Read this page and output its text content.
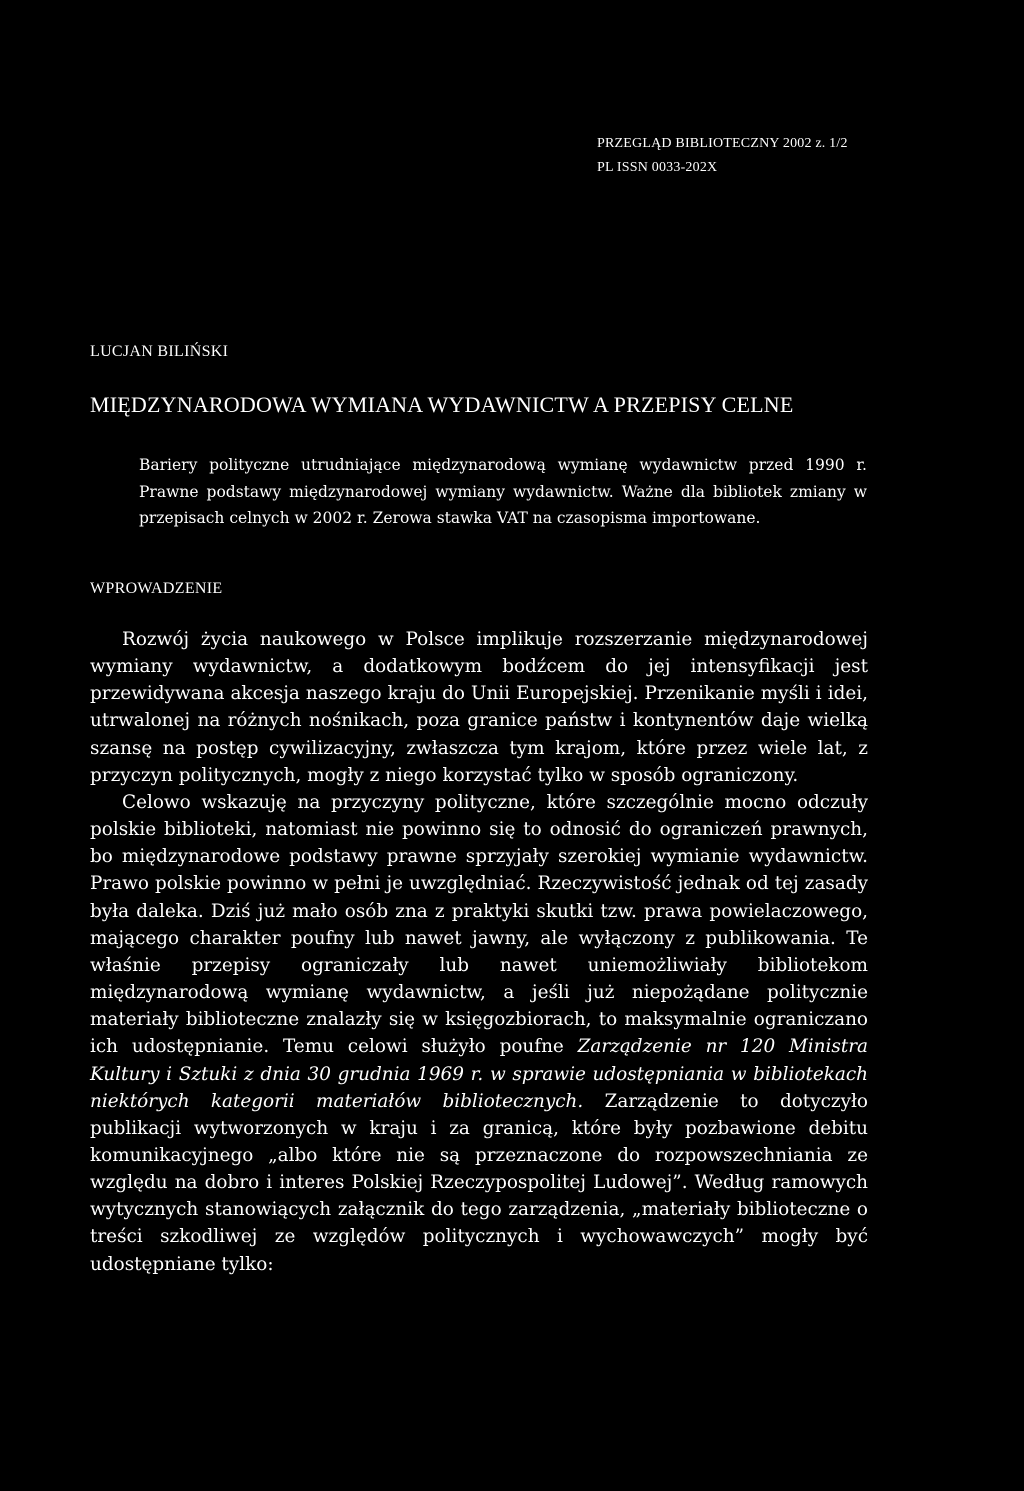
PRZEGLĄD BIBLIOTECZNY 2002 z. 1/2
PL ISSN 0033-202X
LUCJAN BILIŃSKI
MIĘDZYNARODOWA WYMIANA WYDAWNICTW A PRZEPISY CELNE
Bariery polityczne utrudniające międzynarodową wymianę wydawnictw przed 1990 r. Prawne podstawy międzynarodowej wymiany wydawnictw. Ważne dla bibliotek zmiany w przepisach celnych w 2002 r. Zerowa stawka VAT na czasopisma importowane.
WPROWADZENIE

Rozwój życia naukowego w Polsce implikuje rozszerzanie międzynarodowej wymiany wydawnictw, a dodatkowym bodźcem do jej intensyfikacji jest przewidywana akcesja naszego kraju do Unii Europejskiej. Przenikanie myśli i idei, utrwalonej na różnych nośnikach, poza granice państw i kontynentów daje wielką szansę na postęp cywilizacyjny, zwłaszcza tym krajom, które przez wiele lat, z przyczyn politycznych, mogły z niego korzystać tylko w sposób ograniczony.

Celowo wskazuję na przyczyny polityczne, które szczególnie mocno odczuły polskie biblioteki, natomiast nie powinno się to odnosić do ograniczeń prawnych, bo międzynarodowe podstawy prawne sprzyjały szerokiej wymianie wydawnictw. Prawo polskie powinno w pełni je uwzględniać. Rzeczywistość jednak od tej zasady była daleka. Dziś już mało osób zna z praktyki skutki tzw. prawa powielaczowego, mającego charakter poufny lub nawet jawny, ale wyłączony z publikowania. Te właśnie przepisy ograniczały lub nawet uniemożliwiały bibliotekom międzynarodową wymianę wydawnictw, a jeśli już niepożądane politycznie materiały biblioteczne znalazły się w księgozbiorach, to maksymalnie ograniczano ich udostępnianie. Temu celowi służyło poufne Zarządzenie nr 120 Ministra Kultury i Sztuki z dnia 30 grudnia 1969 r. w sprawie udostępniania w bibliotekach niektórych kategorii materiałów bibliotecznych. Zarządzenie to dotyczyło publikacji wytworzonych w kraju i za granicą, które były pozbawione debitu komunikacyjnego „albo które nie są przeznaczone do rozpowszechniania ze względu na dobro i interes Polskiej Rzeczypospolitej Ludowej”. Według ramowych wytycznych stanowiących załącznik do tego zarządzenia, „materiały biblioteczne o treści szkodliwej ze względów politycznych i wychowawczych” mogły być udostępniane tylko:
